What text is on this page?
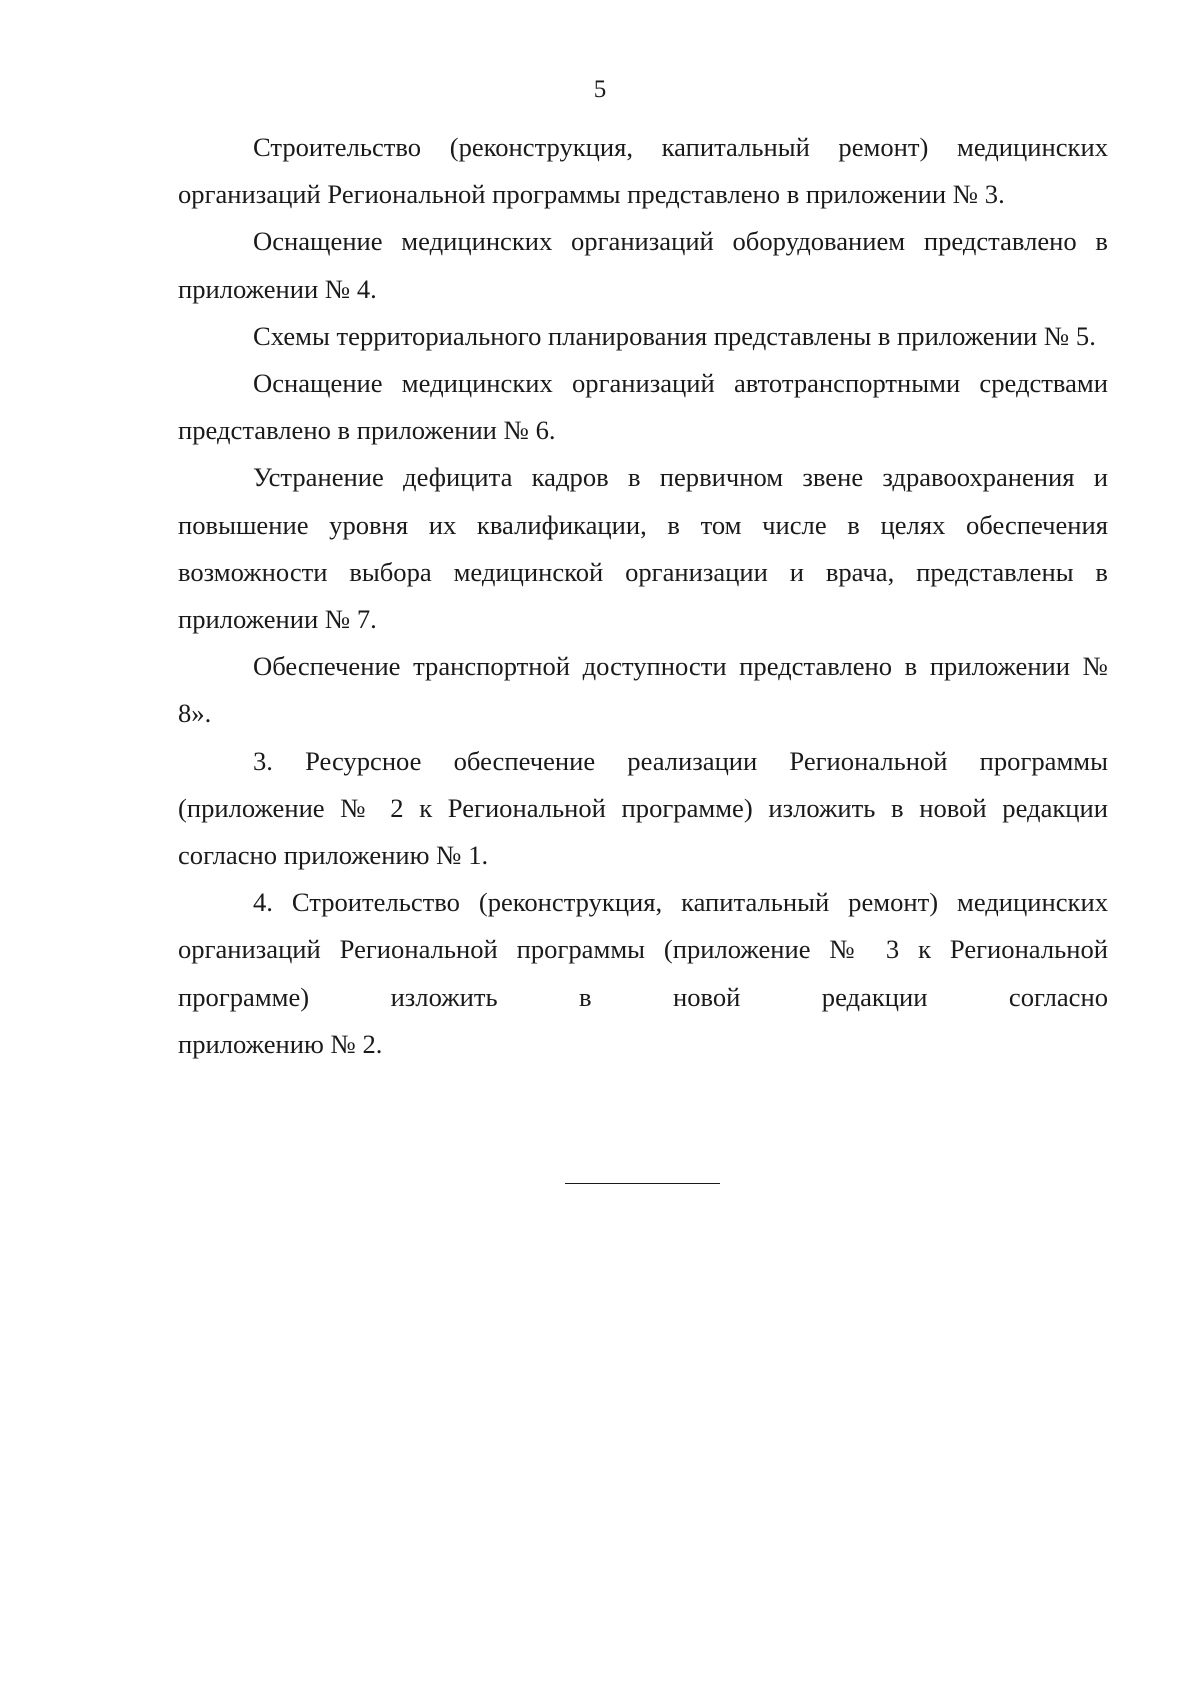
5

Строительство (реконструкция, капитальный ремонт) медицинских организаций Региональной программы представлено в приложении № 3.

Оснащение медицинских организаций оборудованием представлено в приложении № 4.

Схемы территориального планирования представлены в приложении № 5.

Оснащение медицинских организаций автотранспортными средствами представлено в приложении № 6.

Устранение дефицита кадров в первичном звене здравоохранения и повышение уровня их квалификации, в том числе в целях обеспечения возможности выбора медицинской организации и врача, представлены в приложении № 7.

Обеспечение транспортной доступности представлено в приложении № 8».

3. Ресурсное обеспечение реализации Региональной программы (приложение № 2 к Региональной программе) изложить в новой редакции согласно приложению № 1.

4. Строительство (реконструкция, капитальный ремонт) медицинских организаций Региональной программы (приложение № 3 к Региональной программе) изложить в новой редакции согласно

приложению № 2.
